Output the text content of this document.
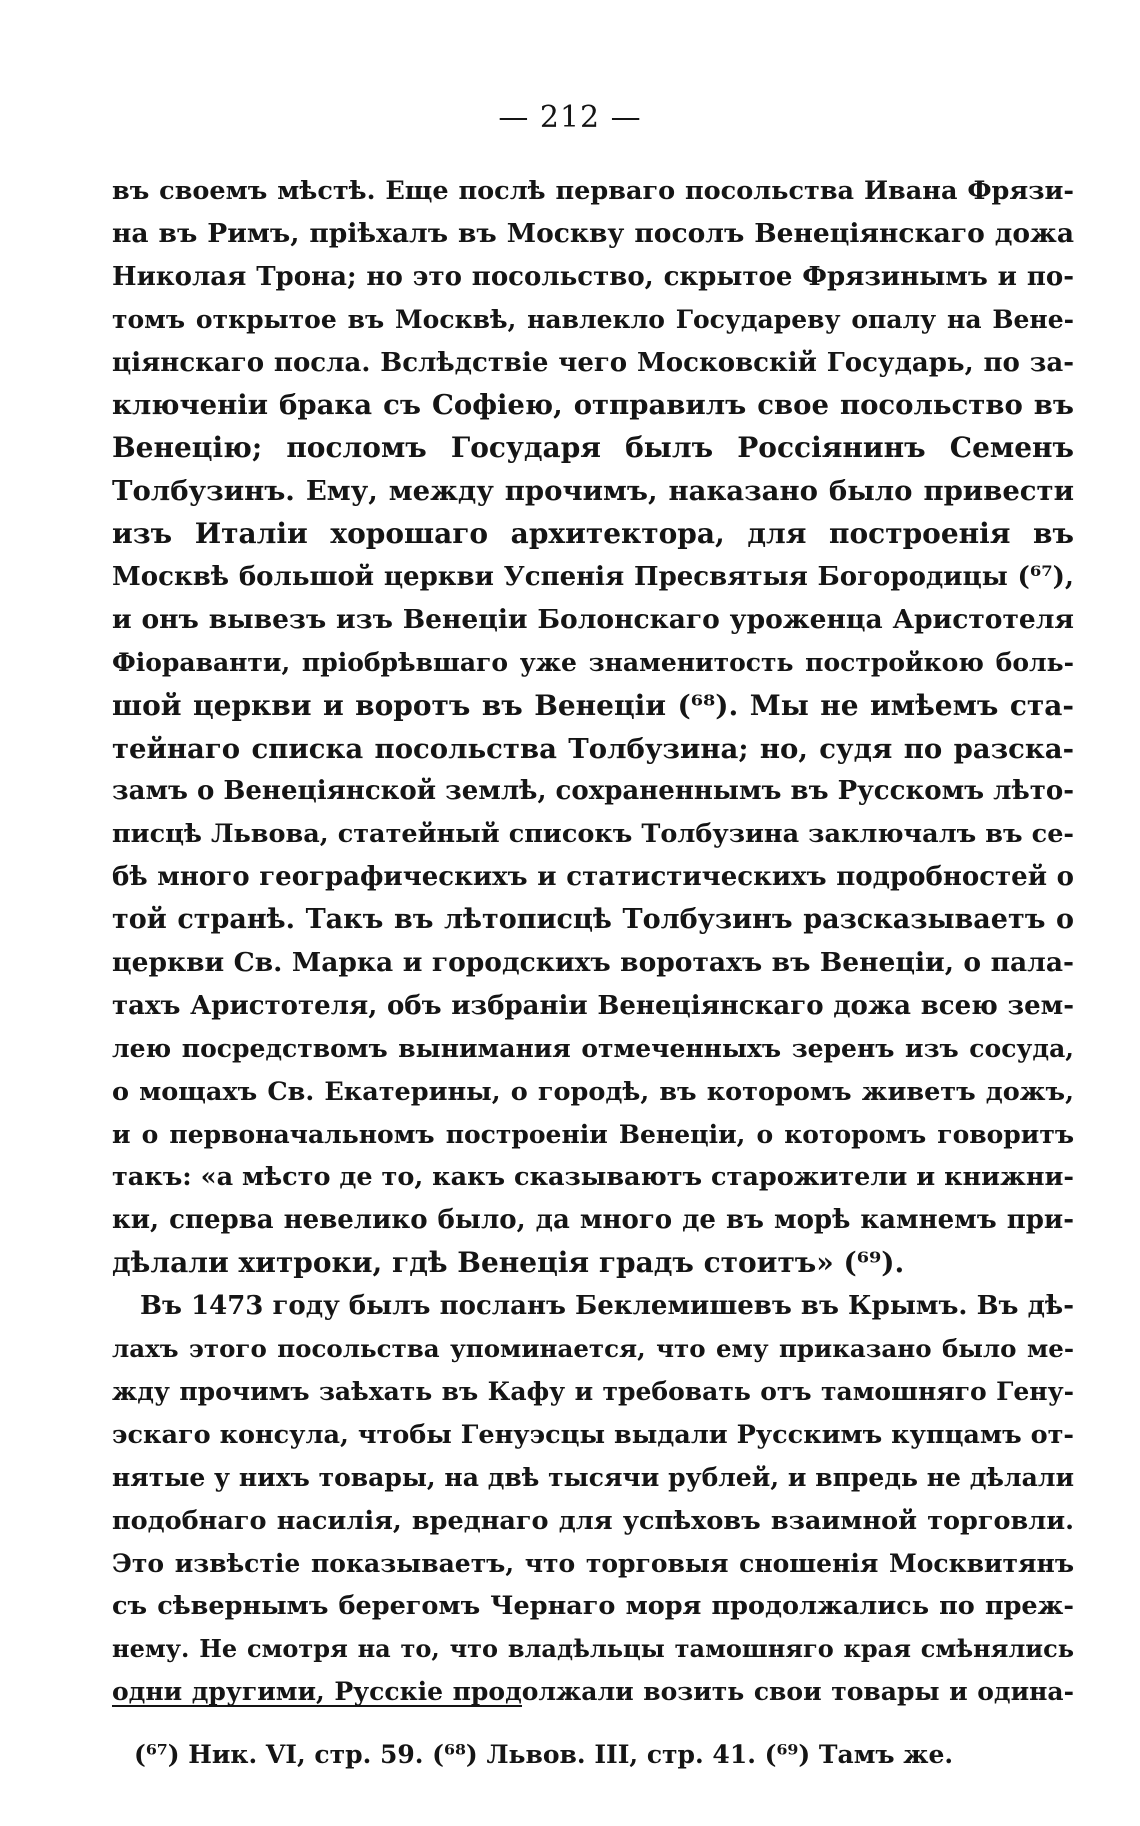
— 212 —
въ своемъ мѣстѣ. Еще послѣ перваго посольства Ивана Фрязи-
на въ Римъ, пріѣхалъ въ Москву посолъ Венеціянскаго дожа
Николая Трона; но это посольство, скрытое Фрязинымъ и по-
томъ открытое въ Москвѣ, навлекло Государеву опалу на Вене-
ціянскаго посла. Вслѣдствіе чего Московскій Государь, по за-
ключеніи брака съ Софіею, отправилъ свое посольство въ
Венецію; посломъ Государя былъ Россіянинъ Семенъ
Толбузинъ. Ему, между прочимъ, наказано было привести
изъ Италіи хорошаго архитектора, для построенія въ
Москвѣ большой церкви Успенія Пресвятыя Богородицы (⁶⁷),
и онъ вывезъ изъ Венеціи Болонскаго уроженца Аристотеля
Фіораванти, пріобрѣвшаго уже знаменитость постройкою боль-
шой церкви и воротъ въ Венеціи (⁶⁸). Мы не имѣемъ ста-
тейнаго списка посольства Толбузина; но, судя по разска-
замъ о Венеціянской землѣ, сохраненнымъ въ Русскомъ лѣто-
писцѣ Львова, статейный списокъ Толбузина заключалъ въ се-
бѣ много географическихъ и статистическихъ подробностей о
той странѣ. Такъ въ лѣтописцѣ Толбузинъ разсказываетъ о
церкви Св. Марка и городскихъ воротахъ въ Венеціи, о пала-
тахъ Аристотеля, объ избраніи Венеціянскаго дожа всею зем-
лею посредствомъ вынимания отмеченныхъ зеренъ изъ сосуда,
о мощахъ Св. Екатерины, о городѣ, въ которомъ живетъ дожъ,
и о первоначальномъ построеніи Венеціи, о которомъ говоритъ
такъ: «а мѣсто де то, какъ сказываютъ старожители и книжни-
ки, сперва невелико было, да много де въ морѣ камнемъ при-
дѣлали хитроки, гдѣ Венеція градъ стоитъ» (⁶⁹).
Въ 1473 году былъ посланъ Беклемишевъ въ Крымъ. Въ дѣ-
лахъ этого посольства упоминается, что ему приказано было ме-
жду прочимъ заѣхать въ Кафу и требовать отъ тамошняго Гену-
эскаго консула, чтобы Генуэсцы выдали Русскимъ купцамъ от-
нятые у нихъ товары, на двѣ тысячи рублей, и впредь не дѣлали
подобнаго насилія, вреднаго для успѣховъ взаимной торговли.
Это извѣстіе показываетъ, что торговыя сношенія Москвитянъ
съ сѣвернымъ берегомъ Чернаго моря продолжались по преж-
нему. Не смотря на то, что владѣльцы тамошняго края смѣнялись
одни другими, Русскіе продолжали возить свои товары и одина-
(⁶⁷) Ник. VI, стр. 59. (⁶⁸) Львов. III, стр. 41. (⁶⁹) Тамъ же.
